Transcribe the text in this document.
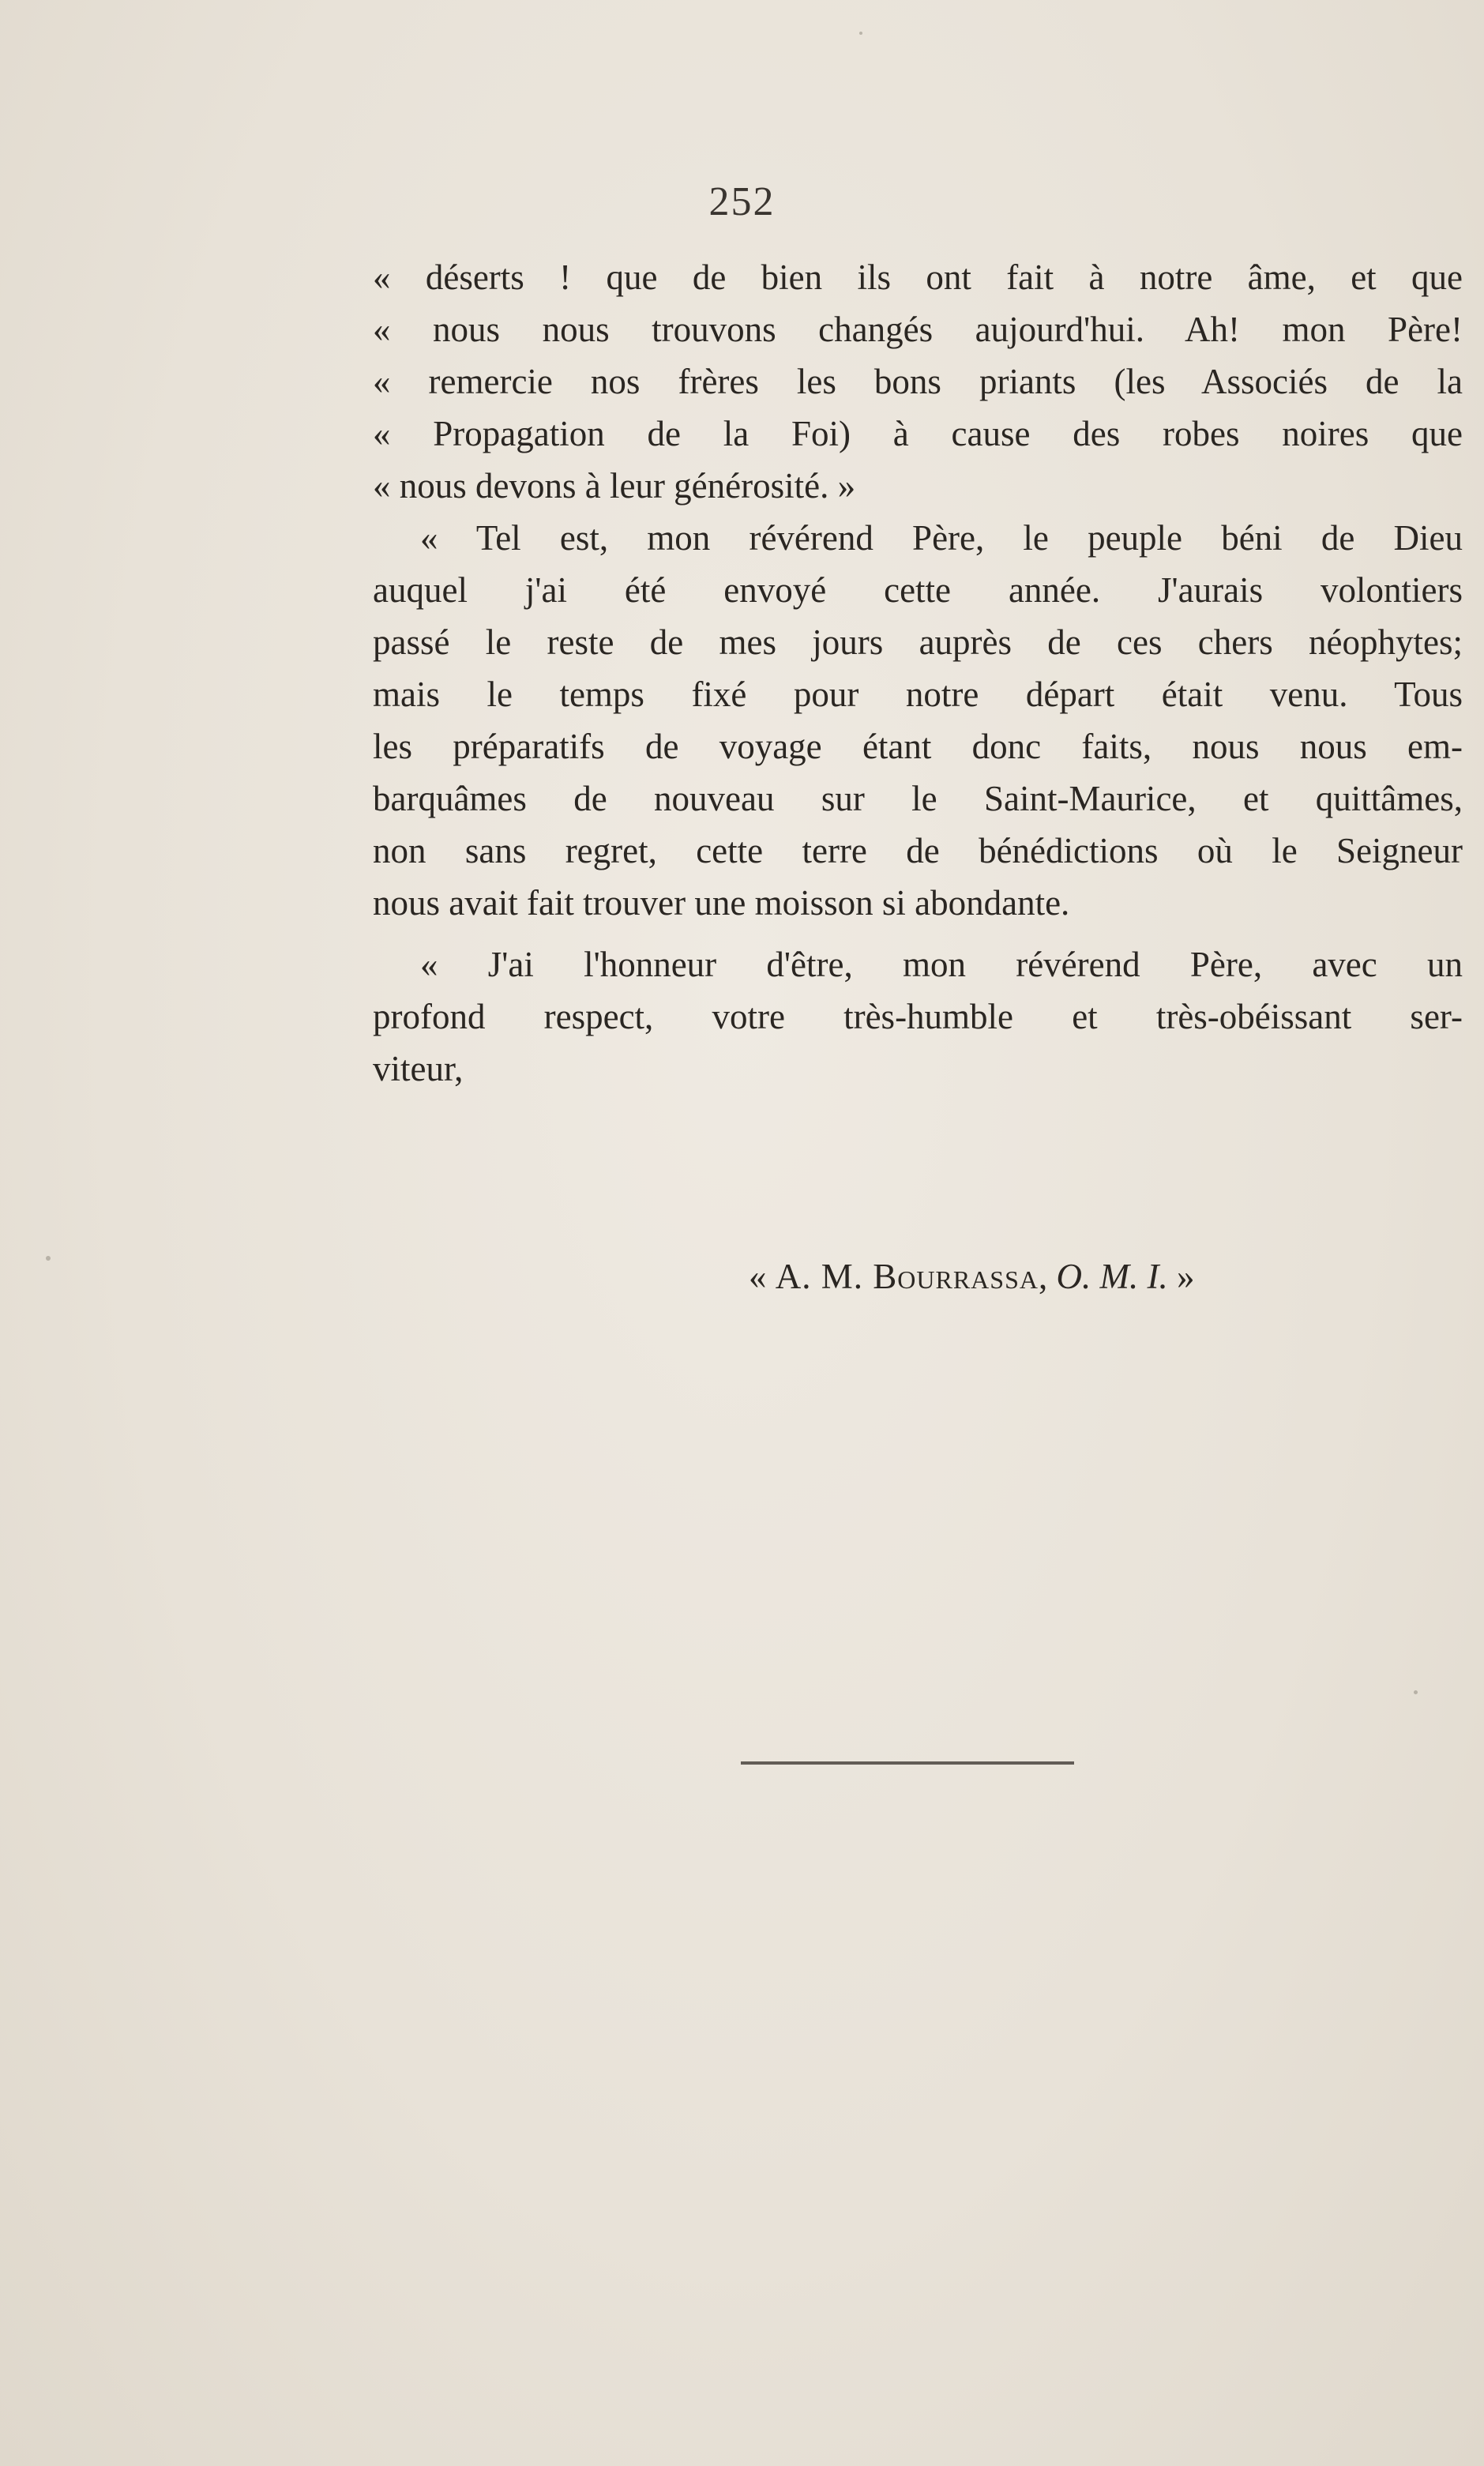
252
« déserts ! que de bien ils ont fait à notre âme, et que
« nous nous trouvons changés aujourd'hui. Ah! mon Père!
« remercie nos frères les bons priants (les Associés de la
« Propagation de la Foi) à cause des robes noires que
« nous devons à leur générosité. »
« Tel est, mon révérend Père, le peuple béni de Dieu
auquel j'ai été envoyé cette année. J'aurais volontiers
passé le reste de mes jours auprès de ces chers néophytes;
mais le temps fixé pour notre départ était venu. Tous
les préparatifs de voyage étant donc faits, nous nous em-
barquâmes de nouveau sur le Saint-Maurice, et quittâmes,
non sans regret, cette terre de bénédictions où le Seigneur
nous avait fait trouver une moisson si abondante.
« J'ai l'honneur d'être, mon révérend Père, avec un
profond respect, votre très-humble et très-obéissant ser-
viteur,
« A. M. Bourrassa, O. M. I. »
